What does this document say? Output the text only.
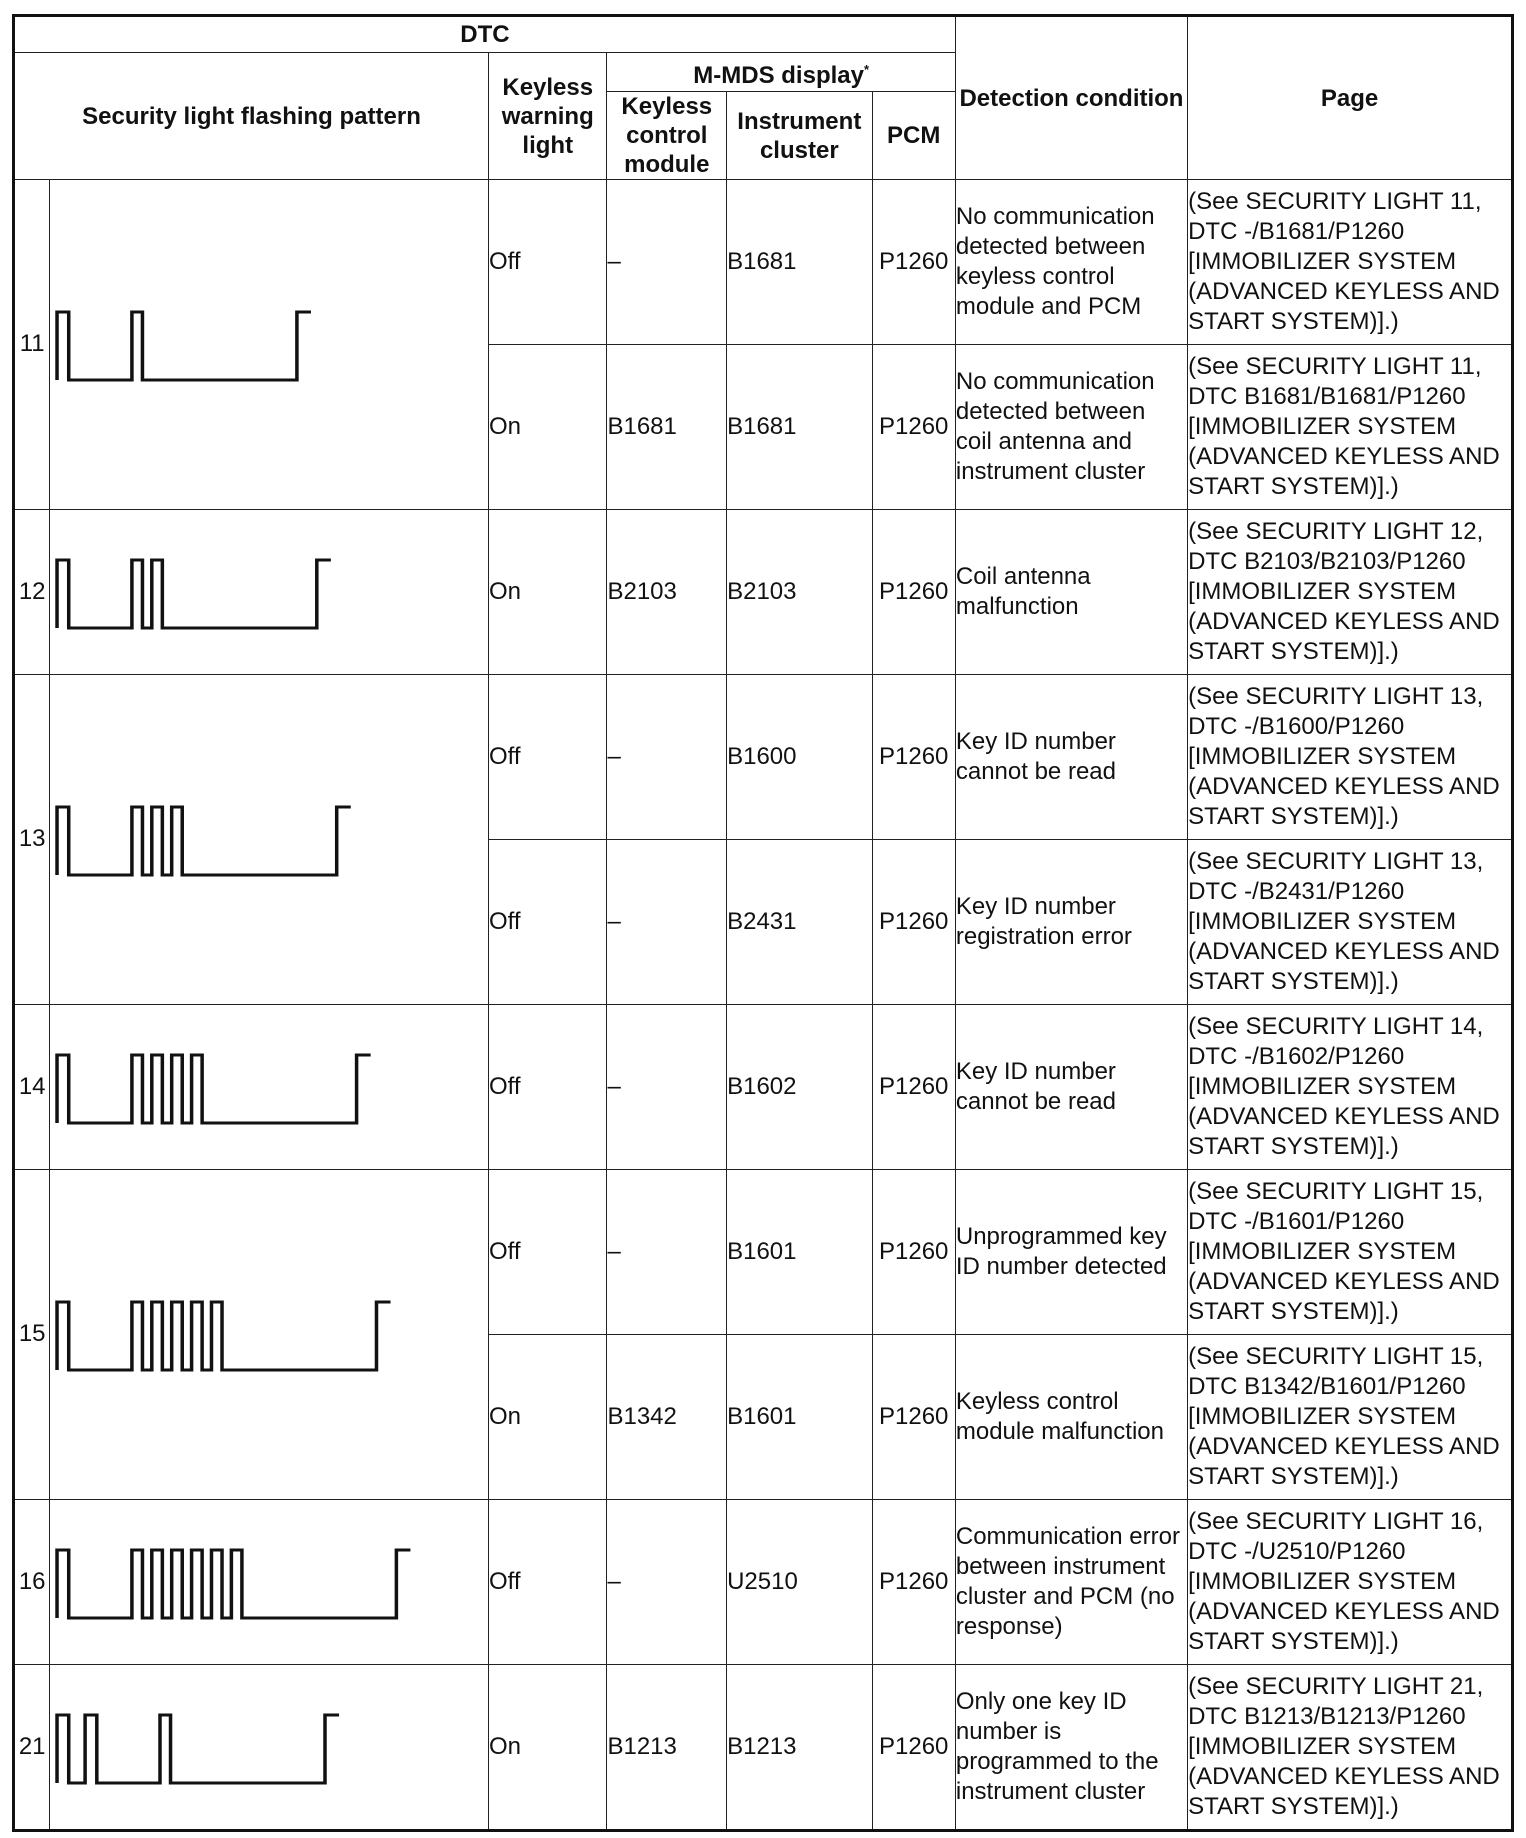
DTC						Detection condition	Page

Security light flashing pattern		Keyless warning light	M-MDS display*

			Keyless control module	Instrument cluster	PCM		
11		Off	–	B1681	P1260	No communication detected between keyless control module and PCM	(See SECURITY LIGHT 11, DTC -/B1681/P1260 [IMMOBILIZER SYSTEM (ADVANCED KEYLESS AND START SYSTEM)].)
		On	B1681	B1681	P1260	No communication detected between coil antenna and instrument cluster	(See SECURITY LIGHT 11, DTC B1681/B1681/P1260 [IMMOBILIZER SYSTEM (ADVANCED KEYLESS AND START SYSTEM)].)
12		On	B2103	B2103	P1260	Coil antenna malfunction	(See SECURITY LIGHT 12, DTC B2103/B2103/P1260 [IMMOBILIZER SYSTEM (ADVANCED KEYLESS AND START SYSTEM)].)
13		Off	–	B1600	P1260	Key ID number cannot be read	(See SECURITY LIGHT 13, DTC -/B1600/P1260 [IMMOBILIZER SYSTEM (ADVANCED KEYLESS AND START SYSTEM)].)
		Off	–	B2431	P1260	Key ID number registration error	(See SECURITY LIGHT 13, DTC -/B2431/P1260 [IMMOBILIZER SYSTEM (ADVANCED KEYLESS AND START SYSTEM)].)
14		Off	–	B1602	P1260	Key ID number cannot be read	(See SECURITY LIGHT 14, DTC -/B1602/P1260 [IMMOBILIZER SYSTEM (ADVANCED KEYLESS AND START SYSTEM)].)
15		Off	–	B1601	P1260	Unprogrammed key ID number detected	(See SECURITY LIGHT 15, DTC -/B1601/P1260 [IMMOBILIZER SYSTEM (ADVANCED KEYLESS AND START SYSTEM)].)
		On	B1342	B1601	P1260	Keyless control module malfunction	(See SECURITY LIGHT 15, DTC B1342/B1601/P1260 [IMMOBILIZER SYSTEM (ADVANCED KEYLESS AND START SYSTEM)].)
16		Off	–	U2510	P1260	Communication error between instrument cluster and PCM (no response)	(See SECURITY LIGHT 16, DTC -/U2510/P1260 [IMMOBILIZER SYSTEM (ADVANCED KEYLESS AND START SYSTEM)].)
21		On	B1213	B1213	P1260	Only one key ID number is programmed to the instrument cluster	(See SECURITY LIGHT 21, DTC B1213/B1213/P1260 [IMMOBILIZER SYSTEM (ADVANCED KEYLESS AND START SYSTEM)].)
